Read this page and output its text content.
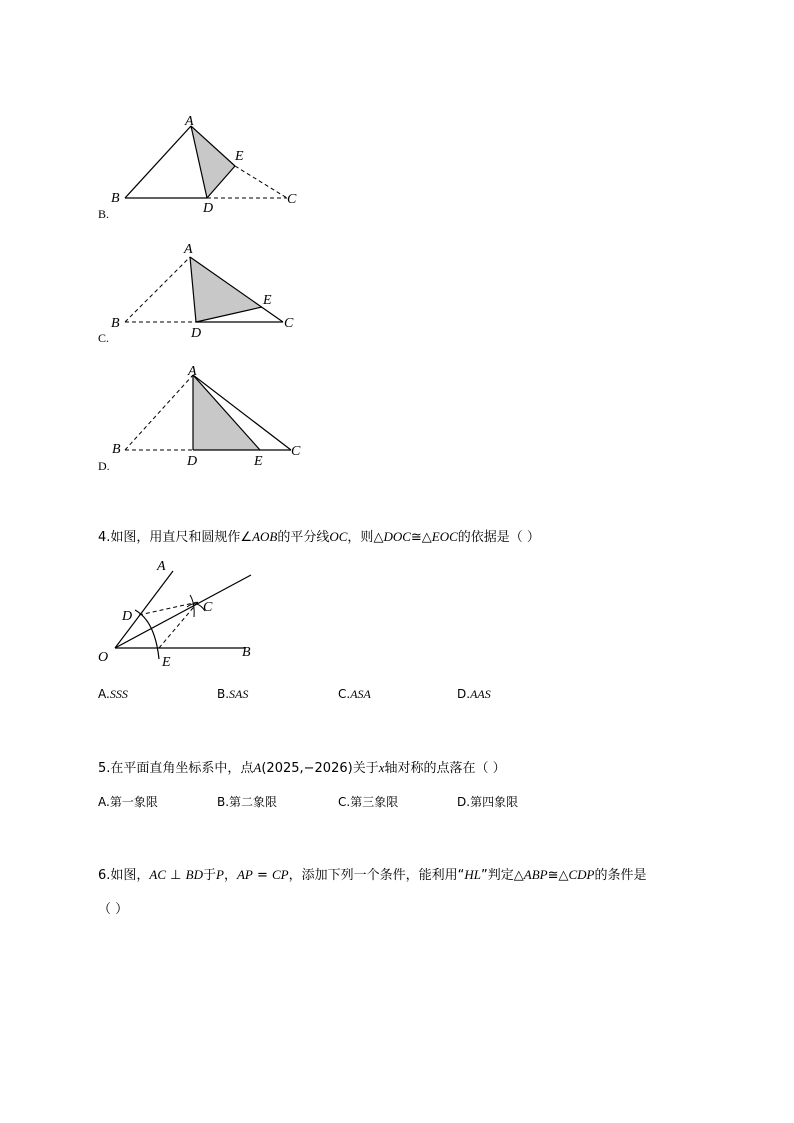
A
E
B
D
C
B.
A
E
B
D
C
C.
A
B
D	E
C
D.
4.如图，用直尺和圆规作∠AOB的平分线OC，则△DOC≅△EOC的依据是（ ）
A
D
C
O	E
B
A.SSS	B.SAS	C.ASA	D.AAS
5.在平面直角坐标系中，点A(2025,−2026)关于x轴对称的点落在（ ）
A.第一象限	B.第二象限	C.第三象限	D.第四象限
6.如图，AC ⊥ BD于P，AP = CP，添加下列一个条件，能利用“HL”判定△ABP≅△CDP的条件是
（ ）
